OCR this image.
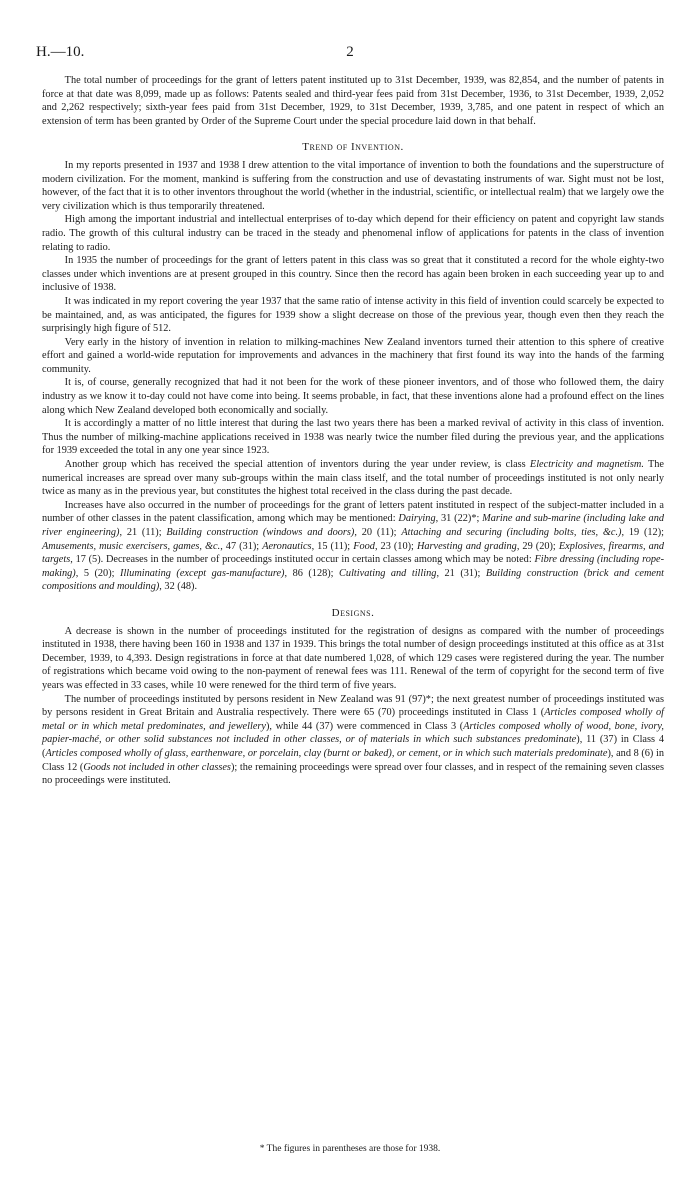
H.—10.	2

The total number of proceedings for the grant of letters patent instituted up to 31st December, 1939, was 82,854, and the number of patents in force at that date was 8,099, made up as follows: Patents sealed and third-year fees paid from 31st December, 1936, to 31st December, 1939, 2,052 and 2,262 respectively; sixth-year fees paid from 31st December, 1929, to 31st December, 1939, 3,785, and one patent in respect of which an extension of term has been granted by Order of the Supreme Court under the special procedure laid down in that behalf.

Trend of Invention.

In my reports presented in 1937 and 1938 I drew attention to the vital importance of invention to both the foundations and the superstructure of modern civilization. For the moment, mankind is suffering from the construction and use of devastating instruments of war. Sight must not be lost, however, of the fact that it is to other inventors throughout the world (whether in the industrial, scientific, or intellectual realm) that we largely owe the very civilization which is thus temporarily threatened.

High among the important industrial and intellectual enterprises of to-day which depend for their efficiency on patent and copyright law stands radio. The growth of this cultural industry can be traced in the steady and phenomenal inflow of applications for patents in the class of invention relating to radio.

In 1935 the number of proceedings for the grant of letters patent in this class was so great that it constituted a record for the whole eighty-two classes under which inventions are at present grouped in this country. Since then the record has again been broken in each succeeding year up to and inclusive of 1938.

It was indicated in my report covering the year 1937 that the same ratio of intense activity in this field of invention could scarcely be expected to be maintained, and, as was anticipated, the figures for 1939 show a slight decrease on those of the previous year, though even then they reach the surprisingly high figure of 512.

Very early in the history of invention in relation to milking-machines New Zealand inventors turned their attention to this sphere of creative effort and gained a world-wide reputation for improvements and advances in the machinery that first found its way into the hands of the farming community.

It is, of course, generally recognized that had it not been for the work of these pioneer inventors, and of those who followed them, the dairy industry as we know it to-day could not have come into being. It seems probable, in fact, that these inventions alone had a profound effect on the lines along which New Zealand developed both economically and socially.

It is accordingly a matter of no little interest that during the last two years there has been a marked revival of activity in this class of invention. Thus the number of milking-machine applications received in 1938 was nearly twice the number filed during the previous year, and the applications for 1939 exceeded the total in any one year since 1923.

Another group which has received the special attention of inventors during the year under review, is class Electricity and magnetism. The numerical increases are spread over many sub-groups within the main class itself, and the total number of proceedings instituted is not only nearly twice as many as in the previous year, but constitutes the highest total received in the class during the past decade.

Increases have also occurred in the number of proceedings for the grant of letters patent instituted in respect of the subject-matter included in a number of other classes in the patent classification, among which may be mentioned: Dairying, 31 (22)*; Marine and sub-marine (including lake and river engineering), 21 (11); Building construction (windows and doors), 20 (11); Attaching and securing (including bolts, ties, &c.), 19 (12); Amusements, music exercisers, games, &c., 47 (31); Aeronautics, 15 (11); Food, 23 (10); Harvesting and grading, 29 (20); Explosives, firearms, and targets, 17 (5). Decreases in the number of proceedings instituted occur in certain classes among which may be noted: Fibre dressing (including rope-making), 5 (20); Illuminating (except gas-manufacture), 86 (128); Cultivating and tilling, 21 (31); Building construction (brick and cement compositions and moulding), 32 (48).

Designs.

A decrease is shown in the number of proceedings instituted for the registration of designs as compared with the number of proceedings instituted in 1938, there having been 160 in 1938 and 137 in 1939. This brings the total number of design proceedings instituted at this office as at 31st December, 1939, to 4,393. Design registrations in force at that date numbered 1,028, of which 129 cases were registered during the year. The number of registrations which became void owing to the non-payment of renewal fees was 111. Renewal of the term of copyright for the second term of five years was effected in 33 cases, while 10 were renewed for the third term of five years.

The number of proceedings instituted by persons resident in New Zealand was 91 (97)*; the next greatest number of proceedings instituted was by persons resident in Great Britain and Australia respectively. There were 65 (70) proceedings instituted in Class 1 (Articles composed wholly of metal or in which metal predominates, and jewellery), while 44 (37) were commenced in Class 3 (Articles composed wholly of wood, bone, ivory, papier-maché, or other solid substances not included in other classes, or of materials in which such substances predominate), 11 (37) in Class 4 (Articles composed wholly of glass, earthenware, or porcelain, clay (burnt or baked), or cement, or in which such materials predominate), and 8 (6) in Class 12 (Goods not included in other classes); the remaining proceedings were spread over four classes, and in respect of the remaining seven classes no proceedings were instituted.

* The figures in parentheses are those for 1938.
